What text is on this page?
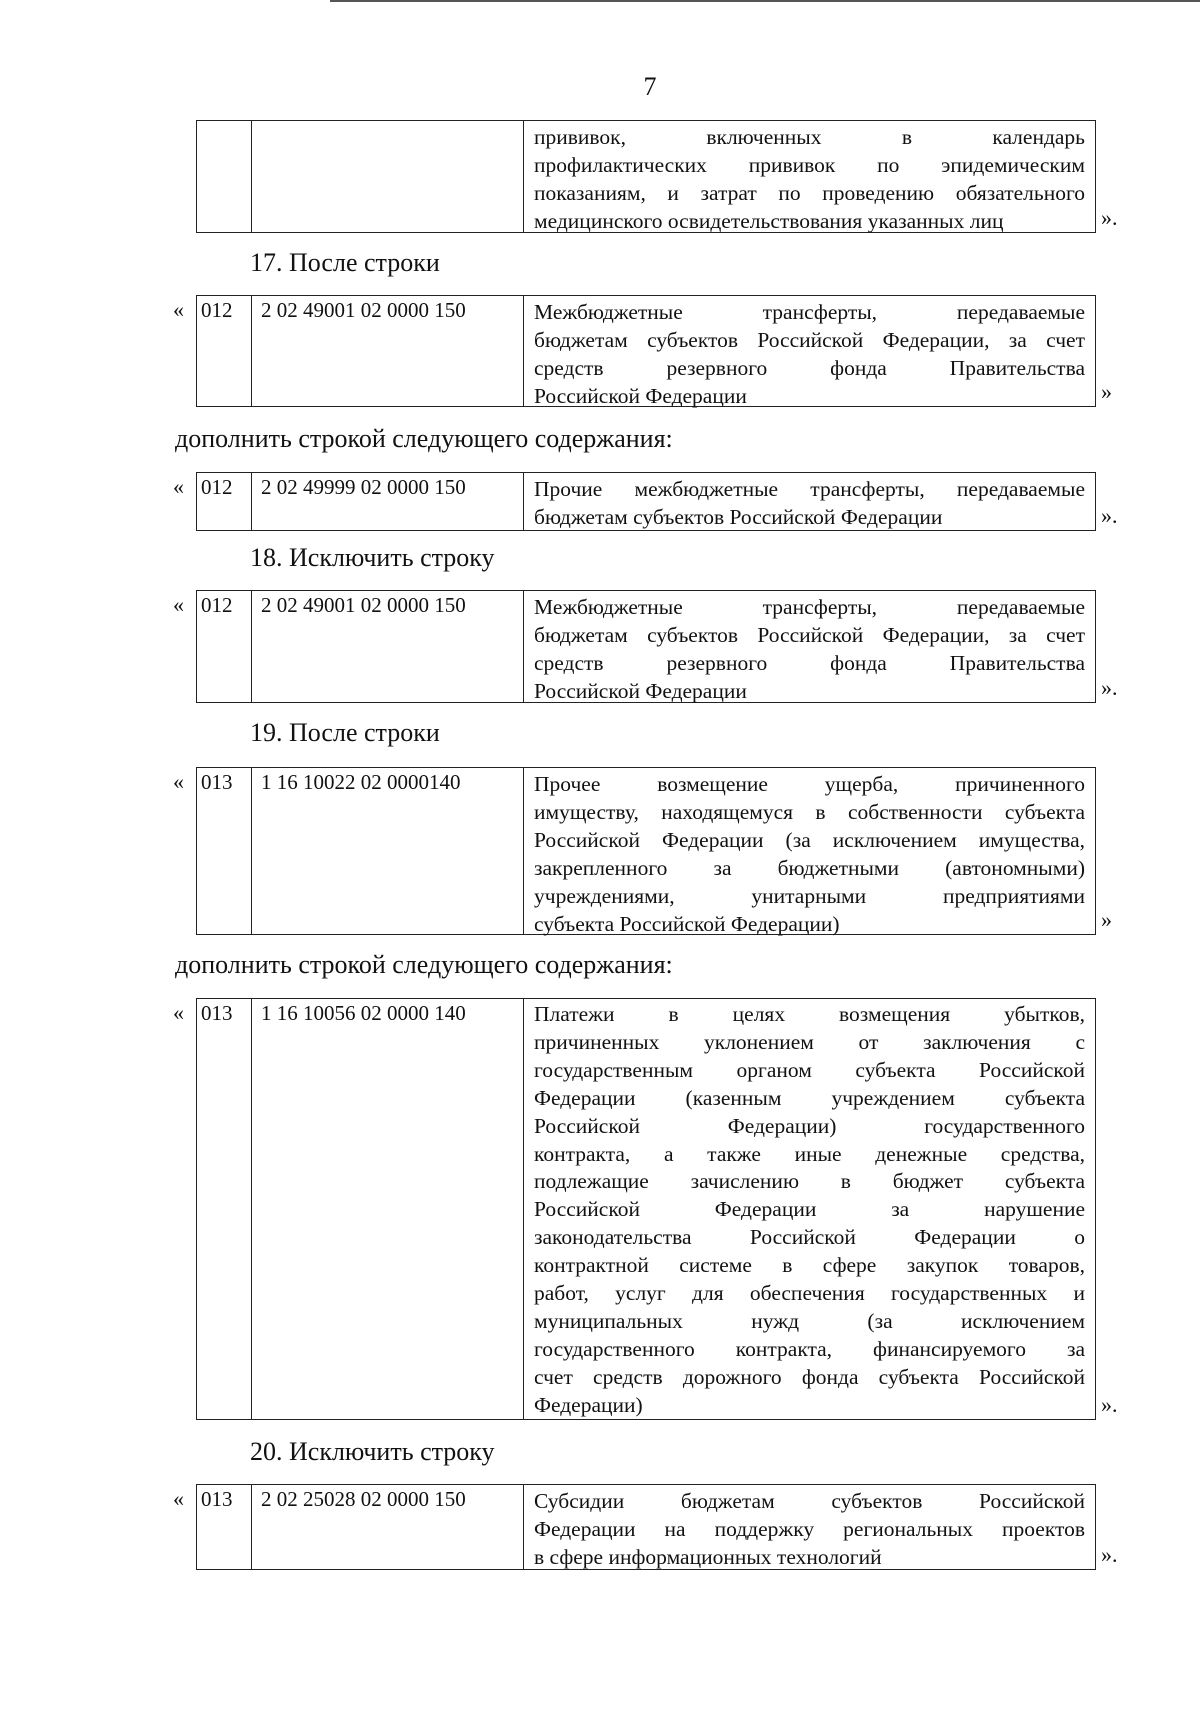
7
прививок, включенных в календарь
профилактических прививок по эпидемическим
показаниям, и затрат по проведению обязательного
медицинского освидетельствования указанных лиц	».
17. После строки
« 012	2 02 49001 02 0000 150	Межбюджетные трансферты, передаваемые
бюджетам субъектов Российской Федерации, за счет
средств резервного фонда Правительства
Российской Федерации	»
дополнить строкой следующего содержания:
« 012	2 02 49999 02 0000 150	Прочие межбюджетные трансферты, передаваемые
бюджетам субъектов Российской Федерации	».
18. Исключить строку
« 012	2 02 49001 02 0000 150	Межбюджетные трансферты, передаваемые
бюджетам субъектов Российской Федерации, за счет
средств резервного фонда Правительства
Российской Федерации	».
19. После строки
« 013	1 16 10022 02 0000140	Прочее возмещение ущерба, причиненного
имуществу, находящемуся в собственности субъекта
Российской Федерации (за исключением имущества,
закрепленного за бюджетными (автономными)
учреждениями, унитарными предприятиями
субъекта Российской Федерации)	»
дополнить строкой следующего содержания:
« 013	1 16 10056 02 0000 140	Платежи в целях возмещения убытков,
причиненных уклонением от заключения с
государственным органом субъекта Российской
Федерации (казенным учреждением субъекта
Российской Федерации) государственного
контракта, а также иные денежные средства,
подлежащие зачислению в бюджет субъекта
Российской Федерации за нарушение
законодательства Российской Федерации о
контрактной системе в сфере закупок товаров,
работ, услуг для обеспечения государственных и
муниципальных нужд (за исключением
государственного контракта, финансируемого за
счет средств дорожного фонда субъекта Российской
Федерации)	».
20. Исключить строку
« 013	2 02 25028 02 0000 150	Субсидии бюджетам субъектов Российской
Федерации на поддержку региональных проектов
в сфере информационных технологий	».
